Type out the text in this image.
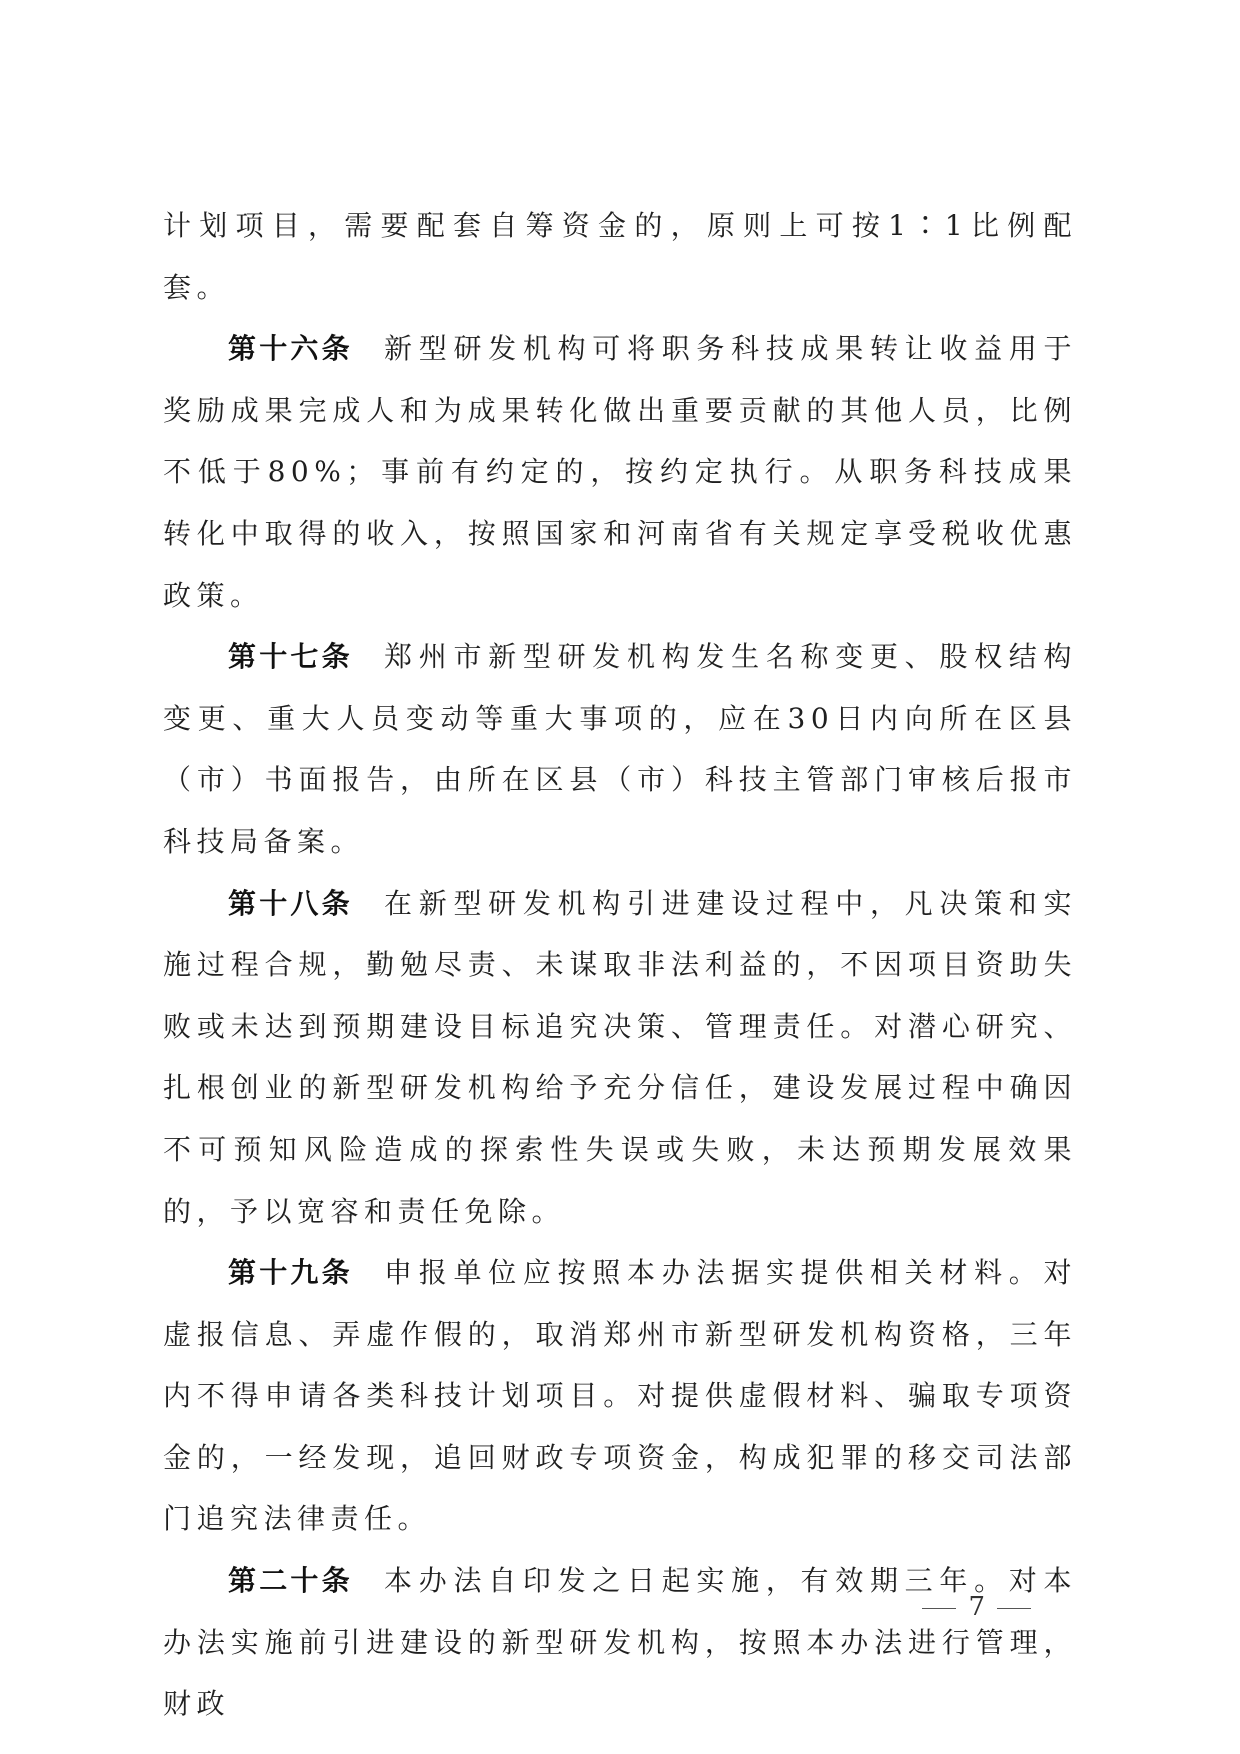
计划项目，需要配套自筹资金的，原则上可按1∶1比例配套。

第十六条 新型研发机构可将职务科技成果转让收益用于奖励成果完成人和为成果转化做出重要贡献的其他人员，比例不低于80%；事前有约定的，按约定执行。从职务科技成果转化中取得的收入，按照国家和河南省有关规定享受税收优惠政策。

第十七条 郑州市新型研发机构发生名称变更、股权结构变更、重大人员变动等重大事项的，应在30日内向所在区县（市）书面报告，由所在区县（市）科技主管部门审核后报市科技局备案。

第十八条 在新型研发机构引进建设过程中，凡决策和实施过程合规，勤勉尽责、未谋取非法利益的，不因项目资助失败或未达到预期建设目标追究决策、管理责任。对潜心研究、扎根创业的新型研发机构给予充分信任，建设发展过程中确因不可预知风险造成的探索性失误或失败，未达预期发展效果的，予以宽容和责任免除。

第十九条 申报单位应按照本办法据实提供相关材料。对虚报信息、弄虚作假的，取消郑州市新型研发机构资格，三年内不得申请各类科技计划项目。对提供虚假材料、骗取专项资金的，一经发现，追回财政专项资金，构成犯罪的移交司法部门追究法律责任。

第二十条 本办法自印发之日起实施，有效期三年。对本办法实施前引进建设的新型研发机构，按照本办法进行管理，财政

7
